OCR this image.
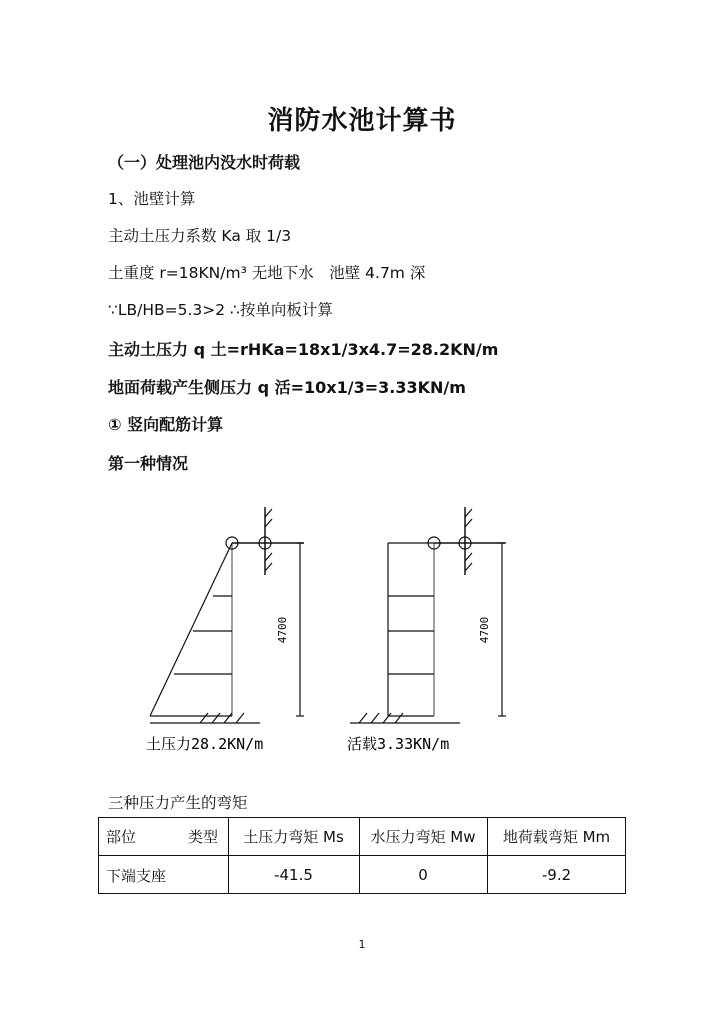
消防水池计算书
（一）处理池内没水时荷载
1、池壁计算
主动土压力系数 Ka 取 1/3
土重度 r=18KN/m³ 无地下水　池壁 4.7m 深
∵LB/HB=5.3>2 ∴按单向板计算
主动土压力 q 土=rHKa=18x1/3x4.7=28.2KN/m
地面荷载产生侧压力 q 活=10x1/3=3.33KN/m
① 竖向配筋计算
第一种情况
4700
土压力28.2KN/m
4700
活载3.33KN/m
三种压力产生的弯矩
部位	类型	土压力弯矩 Ms	水压力弯矩 Mw	地荷载弯矩 Mm
下端支座	-41.5	0	-9.2
1
